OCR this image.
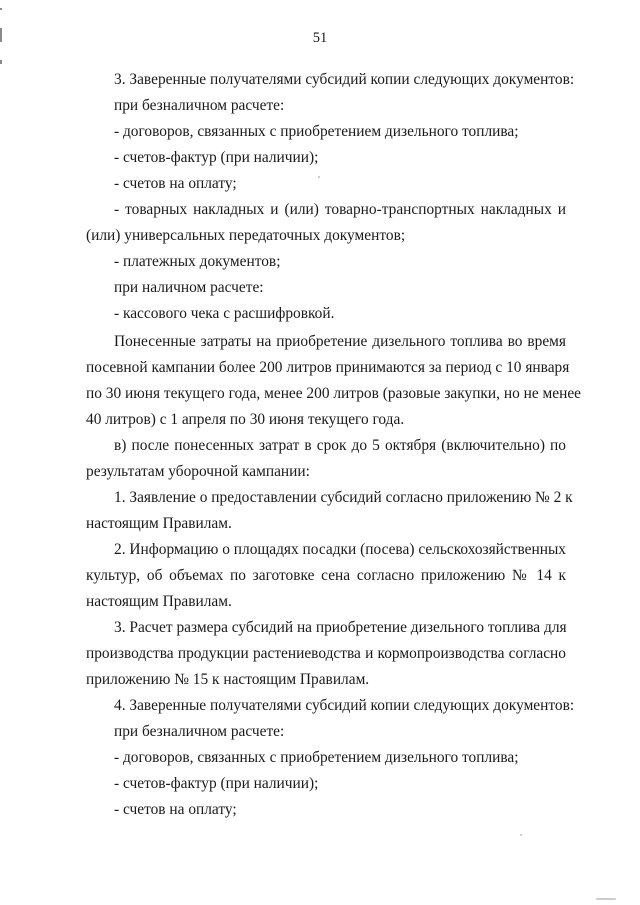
51
3. Заверенные получателями субсидий копии следующих документов:
при безналичном расчете:
- договоров, связанных с приобретением дизельного топлива;
- счетов-фактур (при наличии);
- счетов на оплату;
- товарных накладных и (или) товарно-транспортных накладных и
(или) универсальных передаточных документов;
- платежных документов;
при наличном расчете:
- кассового чека с расшифровкой.
Понесенные затраты на приобретение дизельного топлива во время
посевной кампании более 200 литров принимаются за период с 10 января
по 30 июня текущего года, менее 200 литров (разовые закупки, но не менее
40 литров) с 1 апреля по 30 июня текущего года.
в) после понесенных затрат в срок до 5 октября (включительно) по
результатам уборочной кампании:
1. Заявление о предоставлении субсидий согласно приложению № 2 к
настоящим Правилам.
2. Информацию о площадях посадки (посева) сельскохозяйственных
культур, об объемах по заготовке сена согласно приложению № 14 к
настоящим Правилам.
3. Расчет размера субсидий на приобретение дизельного топлива для
производства продукции растениеводства и кормопроизводства согласно
приложению № 15 к настоящим Правилам.
4. Заверенные получателями субсидий копии следующих документов:
при безналичном расчете:
- договоров, связанных с приобретением дизельного топлива;
- счетов-фактур (при наличии);
- счетов на оплату;
